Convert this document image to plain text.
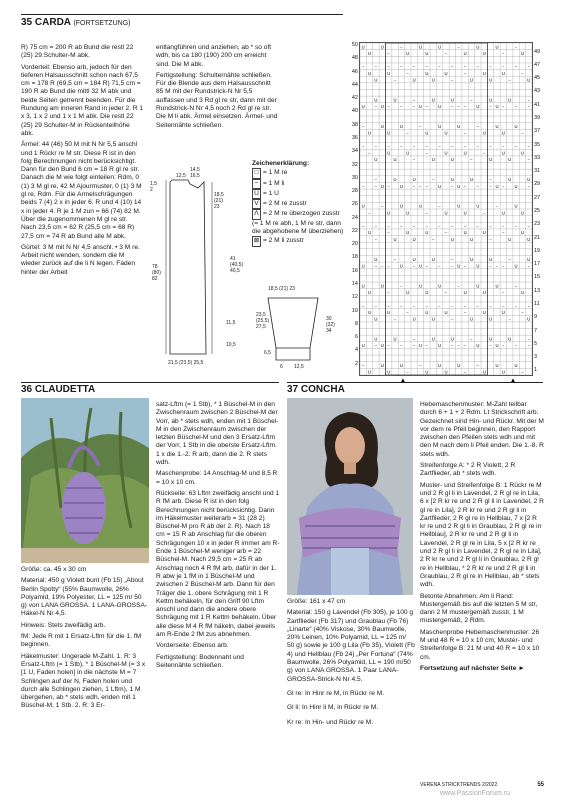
35 CARDA (FORTSETZUNG)

R) 75 cm = 200 R ab Bund die restl 22 (25) 29.Schulter-M abk.

Vorderteil: Ebenso arb, jedoch für den tieferen Halsausschnitt schon nach 67,5 cm = 178 R (69,5 cm = 184 R) 71,5 cm = 190 R ab Bund die mittl 32 M abk und beide Seiten getrennt beenden. Für die Rundung am inneren Rand in jeder 2. R 1 x 3, 1 x 2 und 1 x 1 M abk. Die restl 22 (25) 29 Schulter-M in Rückenteilhöhe abk.

Ärmel: 44 (46) 50 M mit N Nr 5,5 anschl und 1 Rückr re M str. Diese R ist in den folg Berechnungen nicht berücksichtigt. Dann für den Bund 6 cm = 18 R gl re str. Danach die M wie folgt einteilen: Rdm, 0 (1) 3 M gl re, 42 M Ajourmuster, 0 (1) 3 M gl re, Rdm. Für die Armelschrägungen beids 7 (4) 2 x in jeder 6. R und 4 (10) 14 x in jeder 4. R je 1 M zun = 66 (74) 82 M. Über die zugenommenen M gl re str. Nach 23,5 cm = 62 R (25,5 cm = 68 R) 27,5 cm = 74 R ab Bund alle M abk.

Gürtel: 3 M mit N Nr 4,5 anschl. • 3 M re. Arbeit nicht wenden, sondern die M wieder zurück auf die li N legen. Faden hinter der Arbeit

entlangführen und anziehen, ab * so oft wdh, bis ca 180 (190) 200 cm erreicht sind. Die M abk.

Fertigstellung: Schulternähte schließen. Für die Blende aus dem Halsausschnitt 85 M mit der Rundstrick-N Nr 5,5 auffassen und 3 Rd gl re str, dann mit der Rundstrick-N Nr 4,5 noch 2 Rd gl re str. Die M li abk. Ärmel einsetzen. Ärmel- und Seitennähte schließen.

Zeichenerklärung:
□ = 1 M re
− = 1 M li
U = 1 U
V = 2 M re zusstr
Λ = 2 M re überzogen zusstr (= 1 M re abh, 1 M re str, dann die abgehobene M überziehen)
⊠ = 2 M li zusstr
1,5
2
12,5
14,5
16,5
18,5
(21)
23
78
(80)
82
41
(40,5)
40,5
11,5
10,5
21,5 (23,5) 25,5
18,5 (21) 23
23,5
(25,5)
27,5
6,5
30
(32)
34
6 12,5
50
48
46
44
42
40
38
36
34
32
30
28
26
24
22
20
18
16
14
12
10
8
6
4
2
U	U	−	U	U	−	U	U	−
U	−	U	U	−	U	U	−	U
− − − − − − − − − − − − − −
U	U	−	U	U	−	U	U	−
U	−	U	U	−	U	U	−	U
U	U	−	U	U	−	U	U	−
U − U − − − U − U − − − U − U − − −
−	U	U	−	U	U	−	U	U
U	U	−	U	U	−	U	U	−
− − − − − − − − − − − − − −
−	U	U	−	U	U	−	U	U
U	U	−	U	U	−	U	U	−
−	U	U	−	U	U	−	U	U
− − U − U − − − U − U − − − U − U −
U	−	U	U	−	U	U	−	U
−	U	U	−	U	U	−	U	U
− − − − − − − − − − − − − −
U	−	U	U	−	U	U	−	U
−	U	U	−	U	U	−	U	U
U	−	U	U	−	U	U	−	U
U − − − U − U − − − U − U − − − U −
U	U	−	U	U	−	U	U	−
U	−	U	U	−	U	U	−	U
− − − − − − − − − − − − − −
U	U	−	U	U	−	U	U	−
U	−	U	U	−	U	U	−	U
U	U	−	U	U	−	U	U	−
U − U − − − U − U − − − U − U − − −
−	U	U	−	U	U	−	U	U
U	U	−	U	U	−	U	U	−
49
47
45
43
41
39
37
35
33
31
29
27
25
23
21
19
17
15
13
11
9
7
5
3
1
▲	▲
36 CLAUDETTA

Größe: ca. 45 x 30 cm

Material: 450 g Violett bunt (Fb 15) „About Berlin Spotty“ (55% Baumwolle, 26% Polyamid, 19% Polyester, LL = 125 m/ 50 g) von LANA GROSSA. 1 LANA-GROSSA-Häkel-N Nr 4,5.

Hinweis: Stets zweifädig arb.

fM: Jede R mit 1 Ersatz-Lftm für die 1. fM beginnen.

Häkelmuster: Ungerade M-Zahl. 1. R: 3 Ersatz-Lftm (= 1 Stb), * 1 Büschel-M (= 3 x [1 U, Faden holen] in die nächste M = 7 Schlingen auf der N, Faden holen und durch alle Schlingen ziehen, 1 Lftm), 1 M übergehen, ab * stets wdh, enden mit 1 Büschel-M, 1 Stb. 2. R: 3 Er-

satz-Lftm (= 1 Stb), * 1 Büschel-M in den Zwischenraum zwischen 2 Büschel-M der Vorr, ab * stets wdh, enden mit 1 Büschel-M in den Zwischenraum zwischen der letzten Büschel-M und den 3 Ersatz-Lftm der Vorr, 1 Stb in die oberste Ersatz-Lftm. 1 x die 1.-2. R arb, dann die 2. R stets wdh.

Maschenprobe: 14 Anschlag-M und 8,5 R = 10 x 10 cm.

Rückseite: 63 Lftm zweifädig anschl und 1 R fM arb. Diese R ist in den folg Berechnungen nicht berücksichtig. Dann im Häkelmuster weiterarb = 31 (28 2) Büschel-M pro R ab der 2. R). Nach 18 cm = 15 R ab Anschlag für die oberen Schrägungen 10 x in jeder R immer am R-Ende 1 Büschel-M weniger arb = 22 Büschel-M. Nach 29,5 cm = 25 R ab Anschlag noch 4 R fM arb, dafür in der 1. R abw je 1 fM in 1 Büschel-M und zwischen 2 Büschel-M arb. Dann für den Träger die 1. obere Schrägung mit 1 R Kettm behäkeln, für den Griff 90 Lftm anschl und dann die andere obere Schrägung mit 1 R Kettm behäkeln. Über alle diese M 4 R fM häkeln, dabei jeweils am R-Ende 2 fM zus abnehmen.

Vorderseite: Ebenso arb.

Fertigstellung: Bodennaht und Seitennähte schließen.

37 CONCHA

Größe: 161 x 47 cm

Material: 150 g Lavendel (Fb 305), je 100 g Zartflieder (Fb 317) und Graublau (Fb 76) „Linarte“ (40% Viskose, 30% Baumwolle, 20% Leinen, 10% Polyamid, LL = 125 m/ 50 g) sowie je 100 g Lila (Fb 35), Violett (Fb 4) und Hellblau (Fb 24) „Per Fortuna“ (74% Baumwolle, 26% Polyamid, LL = 190 m/50 g) von LANA GROSSA. 1 Paar LANA-GROSSA-Strick-N Nr 4,5.

Gl re: In Hinr re M, in Rückr re M.

Gl li: In Hinr li M, in Rückr re M.

Kr re: In Hin- und Rückr re M.

Hebemaschenmuster: M-Zahl teilbar durch 6 + 1 + 2 Rdm. Lt Strickschrift arb. Gezeichnet sind Hin- und Rückr. Mit der M vor dem re Pfeil beginnen, den Rapport zwischen den Pfeilen stets wdh und mit den M nach dem li Pfeil enden. Die 1.-8. R stets wdh.

Streifenfolge A: * 2 R Violett, 2 R Zartflieder, ab * stets wdh.

Muster- und Streifenfolge B: 1 Rückr re M und 2 R gl li in Lavendel, 2 R gl re in Lila, 6 x [2 R kr re und 2 R gl li in Lavendel, 2 R gl re in Lila], 2 R kr re und 2 R gl li in Zartflieder, 2 R gl re in Hellblau, 7 x [2 R kr re und 2 R gl li in Graublau, 2 R gl re in Hellblau], 2 R kr re und 2 R gl li in Lavendel, 2 R gl re in Lila, 5 x [2 R kr re und 2 R gl li in Lavendel, 2 R gl re in Lila], 2 R kr re und 2 R gl li in Graublau, 2 R gl re in Hellblau, * 2 R kr re und 2 R gl li in Graublau, 2 R gl re in Hellblau, ab * stets wdh.

Betonte Abnahmen: Am li Rand: Mustergemäß bis auf die letzten 5 M str, dann 2 M mustergemäß zusstr, 1 M mustergemäß, 2 Rdm.

Maschenprobe Hebemaschenmuster: 26 M und 48 R = 10 x 10 cm; Muster- und Streifenfolge B: 21 M und 40 R = 10 x 10 cm.

Fortsetzung auf nächster Seite ►

VERENA STRICKTRENDS 2/2022	55
www.PassionForum.ru
